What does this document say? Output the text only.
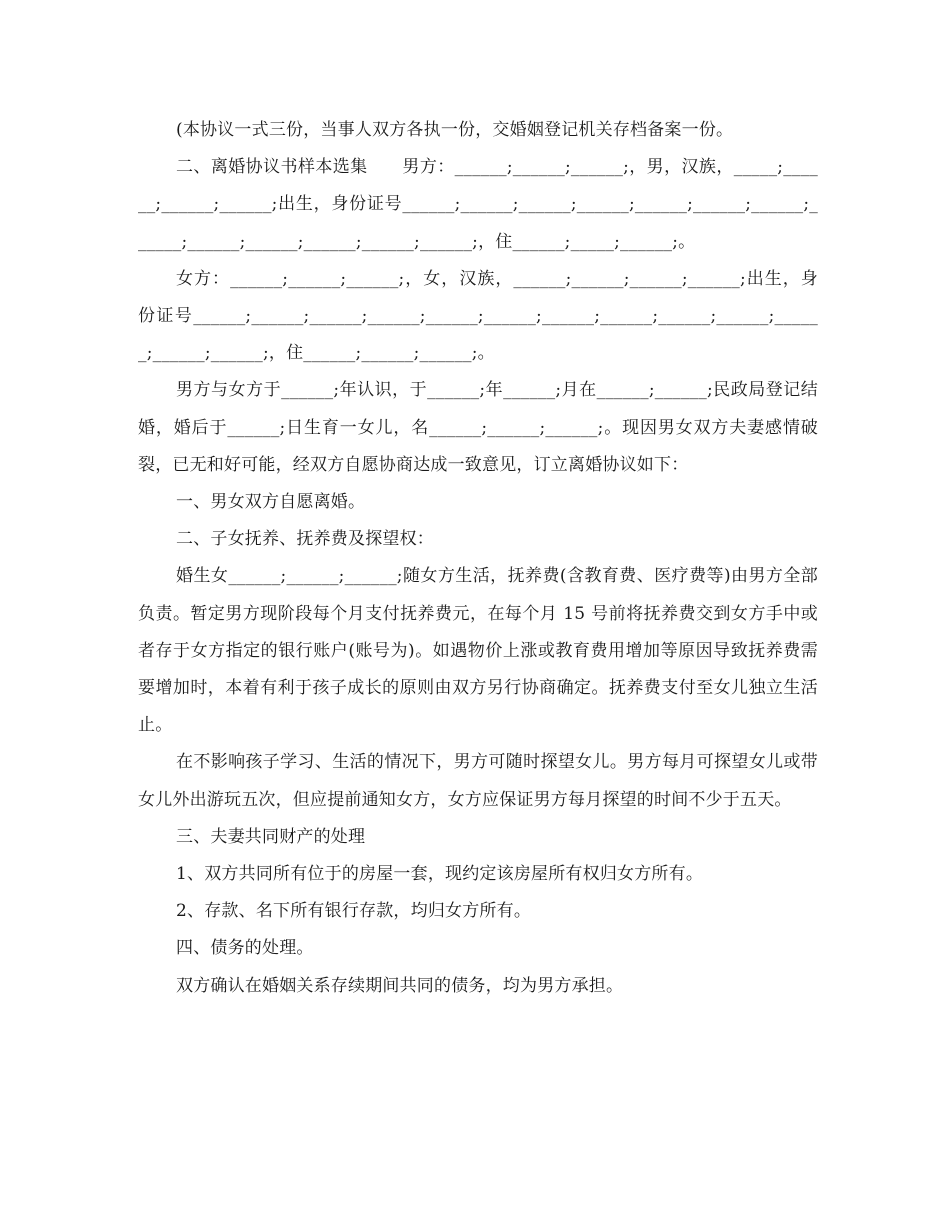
(本协议一式三份，当事人双方各执一份，交婚姻登记机关存档备案一份。

二、离婚协议书样本选集　　男方：______;______;______;，男，汉族，_____;______;______;______;出生，身份证号______;______;______;______;______;______;______;______;______;______;______;______;______;，住______;_____;______;。

女方：______;______;______;，女，汉族，______;______;______;______;出生，身份证号______;______;______;______;______;______;______;______;______;______;______;______;______;，住______;______;______;。

男方与女方于______;年认识，于______;年______;月在______;______;民政局登记结婚，婚后于______;日生育一女儿，名______;______;______;。现因男女双方夫妻感情破裂，已无和好可能，经双方自愿协商达成一致意见，订立离婚协议如下：

一、男女双方自愿离婚。

二、子女抚养、抚养费及探望权：

婚生女______;______;______;随女方生活，抚养费(含教育费、医疗费等)由男方全部负责。暂定男方现阶段每个月支付抚养费元，在每个月 15 号前将抚养费交到女方手中或者存于女方指定的银行账户(账号为)。如遇物价上涨或教育费用增加等原因导致抚养费需要增加时，本着有利于孩子成长的原则由双方另行协商确定。抚养费支付至女儿独立生活止。

在不影响孩子学习、生活的情况下，男方可随时探望女儿。男方每月可探望女儿或带女儿外出游玩五次，但应提前通知女方，女方应保证男方每月探望的时间不少于五天。

三、夫妻共同财产的处理

1、双方共同所有位于的房屋一套，现约定该房屋所有权归女方所有。

2、存款、名下所有银行存款，均归女方所有。

四、债务的处理。

双方确认在婚姻关系存续期间共同的债务，均为男方承担。
